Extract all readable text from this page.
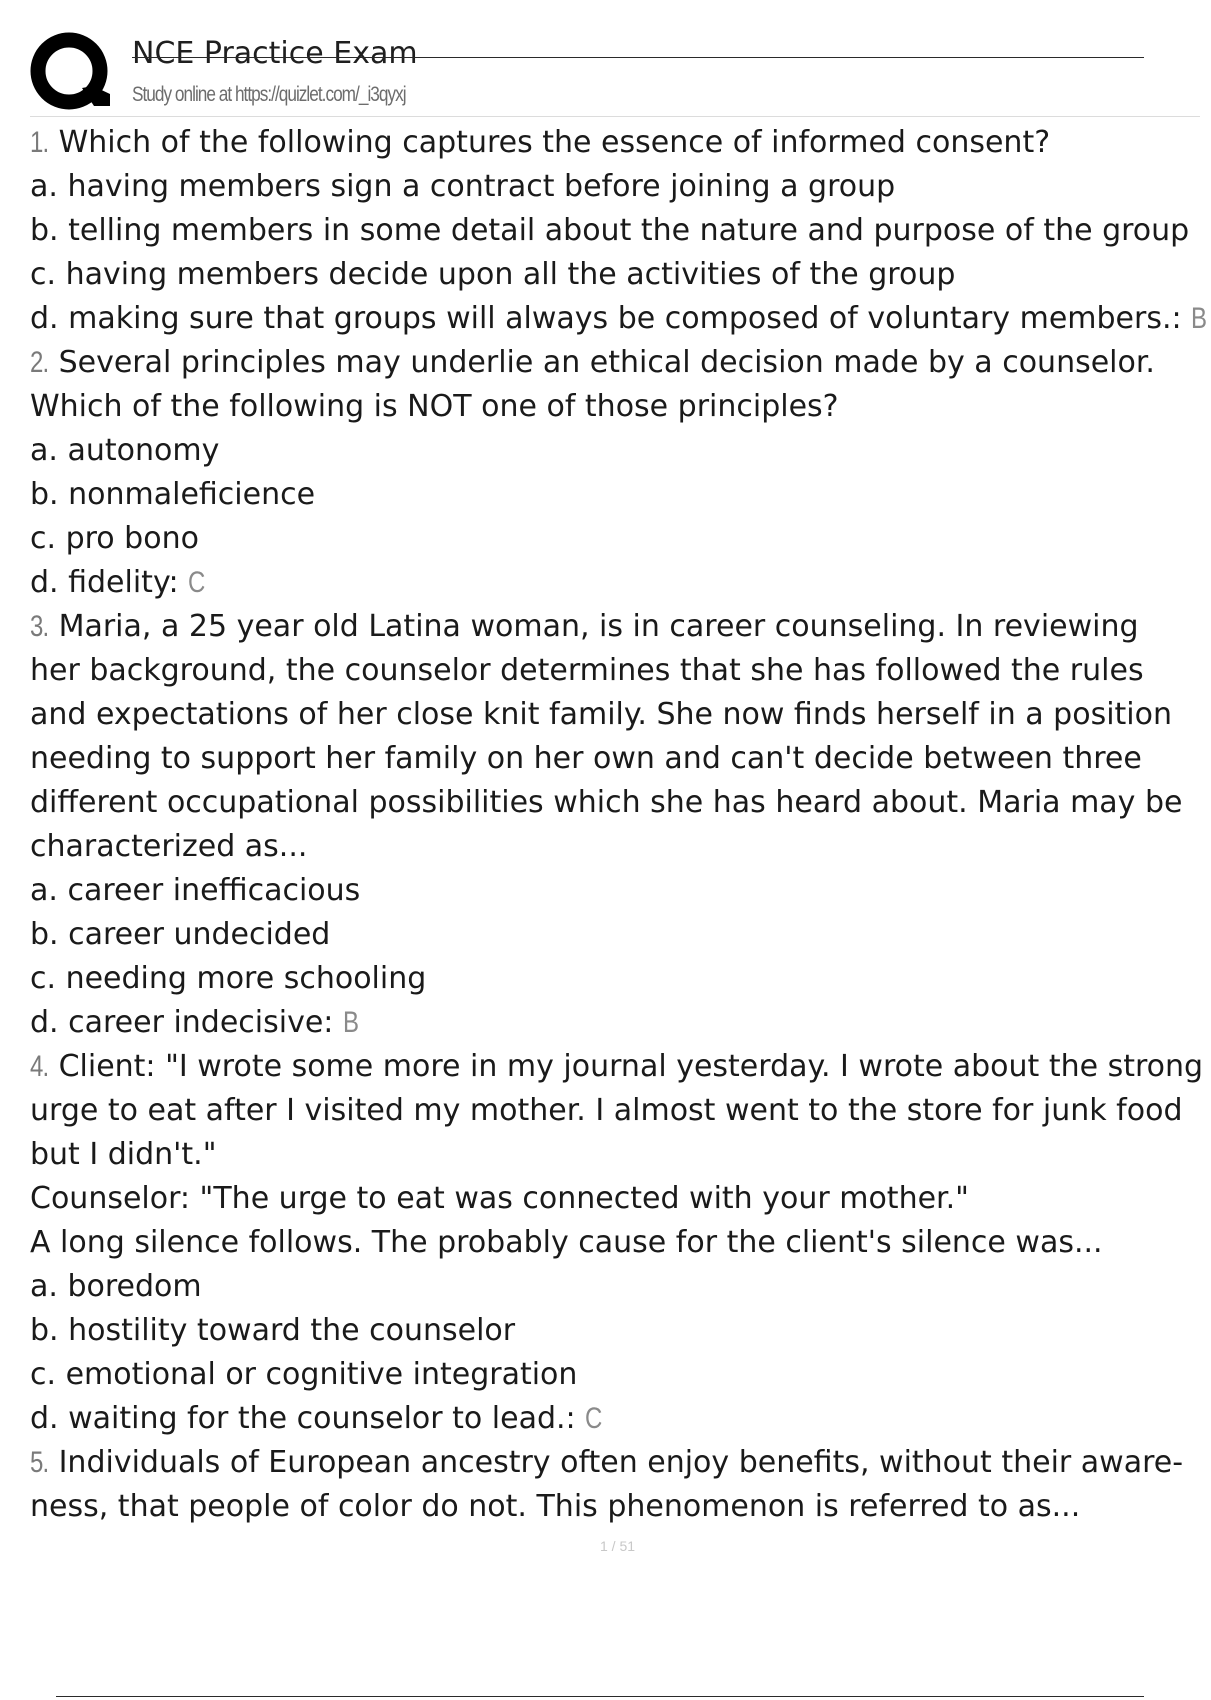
NCE Practice Exam
Study online at https://quizlet.com/_i3qyxj
1. Which of the following captures the essence of informed consent?
a. having members sign a contract before joining a group
b. telling members in some detail about the nature and purpose of the group
c. having members decide upon all the activities of the group
d. making sure that groups will always be composed of voluntary members.: B
2. Several principles may underlie an ethical decision made by a counselor.
Which of the following is NOT one of those principles?
a. autonomy
b. nonmaleficience
c. pro bono
d. fidelity: C
3. Maria, a 25 year old Latina woman, is in career counseling. In reviewing
her background, the counselor determines that she has followed the rules
and expectations of her close knit family. She now finds herself in a position
needing to support her family on her own and can't decide between three
different occupational possibilities which she has heard about. Maria may be
characterized as...
a. career inefficacious
b. career undecided
c. needing more schooling
d. career indecisive: B
4. Client: "I wrote some more in my journal yesterday. I wrote about the strong
urge to eat after I visited my mother. I almost went to the store for junk food
but I didn't."
Counselor: "The urge to eat was connected with your mother."
A long silence follows. The probably cause for the client's silence was...
a. boredom
b. hostility toward the counselor
c. emotional or cognitive integration
d. waiting for the counselor to lead.: C
5. Individuals of European ancestry often enjoy benefits, without their aware-
ness, that people of color do not. This phenomenon is referred to as...
1 / 51
